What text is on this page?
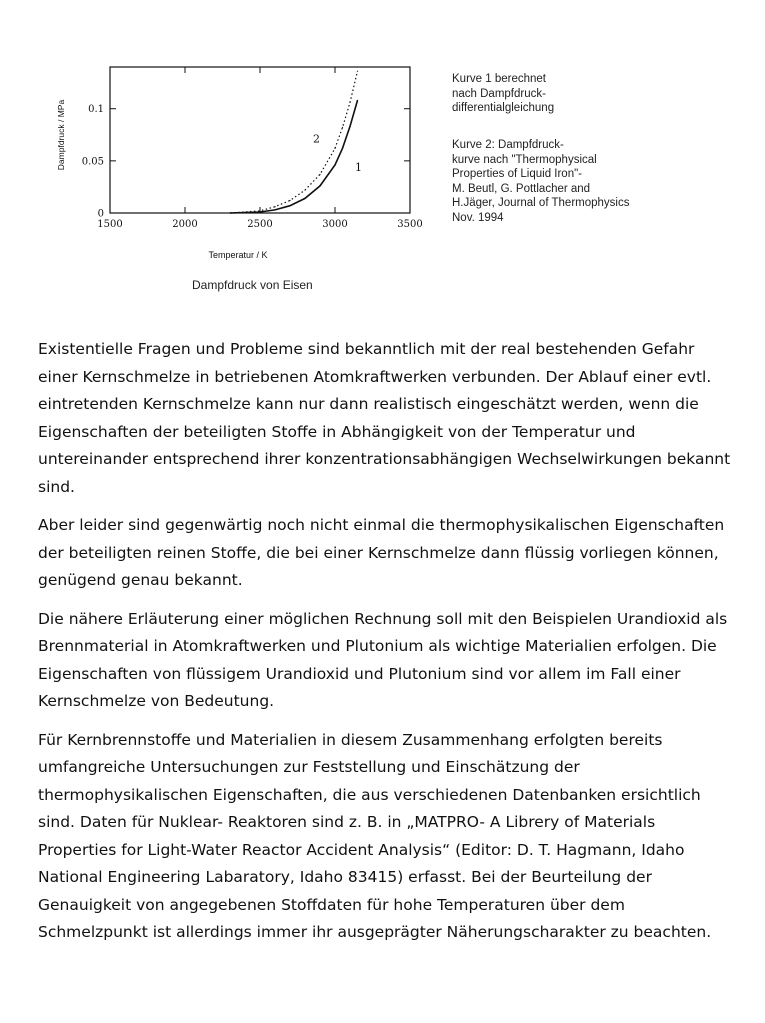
1500	2000	2500	3000	3500
0
0.05
0.1
Temperatur / K
Dampfdruck / MPa	1
2

Kurve 1 berechnet

nach Dampfdruck-

differentialgleichung

Kurve 2: Dampfdruck-

kurve nach "Thermophysical

Properties of Liquid Iron"-

M. Beutl, G. Pottlacher and

H.Jäger, Journal of Thermophysics

Nov. 1994

Dampfdruck von Eisen

Existentielle Fragen und Probleme sind bekanntlich mit der real bestehenden Gefahr einer Kernschmelze in betriebenen Atomkraftwerken verbunden. Der Ablauf einer evtl. eintretenden Kernschmelze kann nur dann realistisch eingeschätzt werden, wenn die Eigenschaften der beteiligten Stoffe in Abhängigkeit von der Temperatur und untereinander entsprechend ihrer konzentrationsabhängigen Wechselwirkungen bekannt sind.

Aber leider sind gegenwärtig noch nicht einmal die thermophysikalischen Eigenschaften der beteiligten reinen Stoffe, die bei einer Kernschmelze dann flüssig vorliegen können, genügend genau bekannt.

Die nähere Erläuterung einer möglichen Rechnung soll mit den Beispielen Urandioxid als Brennmaterial in Atomkraftwerken und Plutonium als wichtige Materialien erfolgen. Die Eigenschaften von flüssigem Urandioxid und Plutonium sind vor allem im Fall einer Kernschmelze von Bedeutung.

Für Kernbrennstoffe und Materialien in diesem Zusammenhang erfolgten bereits umfangreiche Untersuchungen zur Feststellung und Einschätzung der thermophysikalischen Eigenschaften, die aus verschiedenen Datenbanken ersichtlich sind. Daten für Nuklear- Reaktoren sind z. B. in „MATPRO- A Librery of Materials Properties for Light-Water Reactor Accident Analysis“ (Editor: D. T. Hagmann, Idaho National Engineering Labaratory, Idaho 83415) erfasst. Bei der Beurteilung der Genauigkeit von angegebenen Stoffdaten für hohe Temperaturen über dem Schmelzpunkt ist allerdings immer ihr ausgeprägter Näherungscharakter zu beachten.
